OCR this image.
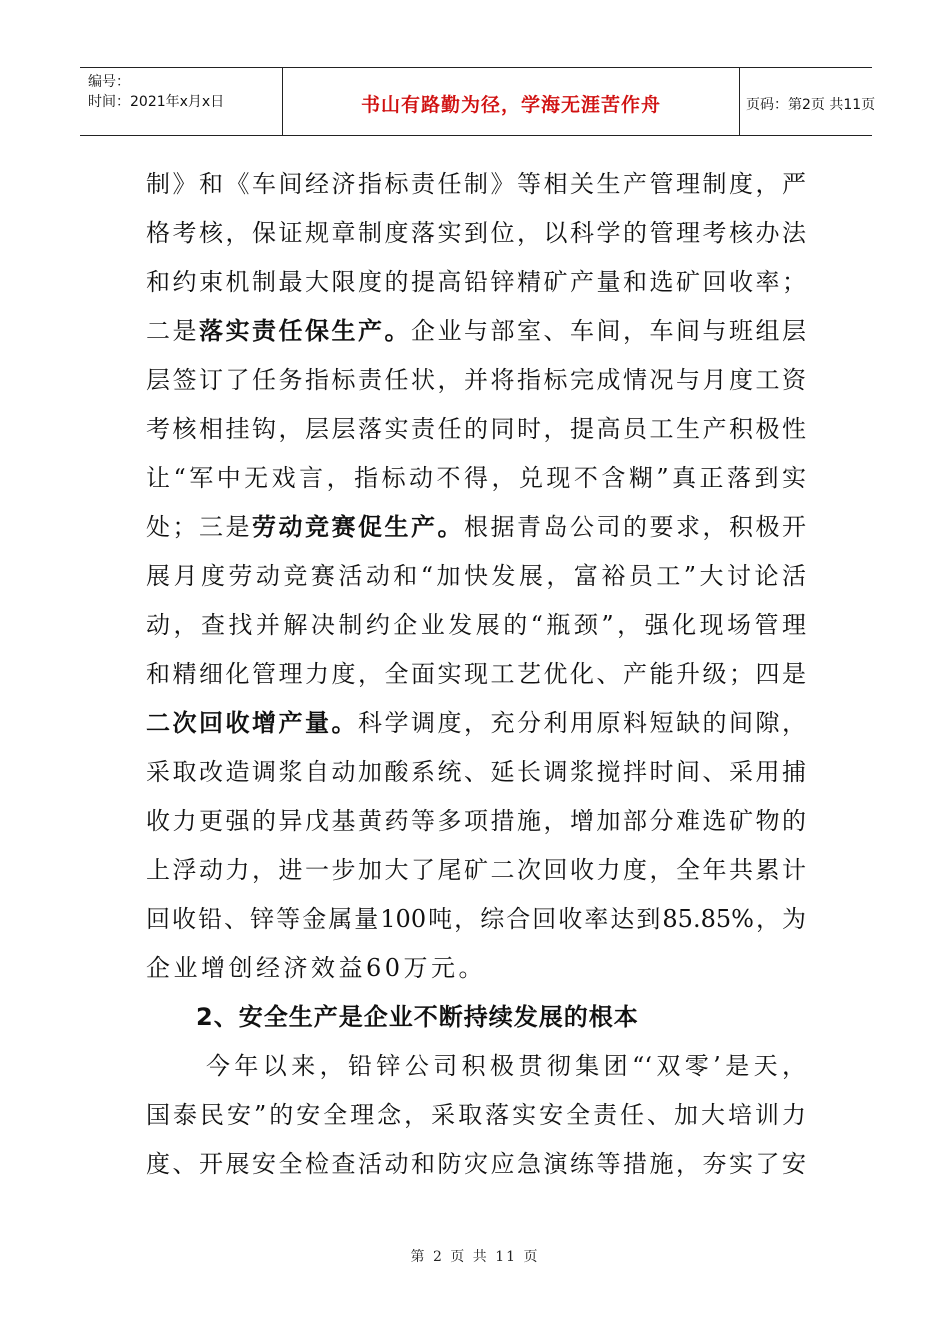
编号：
时间：2021年x月x日	书山有路勤为径，学海无涯苦作舟	页码：第2页 共11页
制》和《车间经济指标责任制》等相关生产管理制度，严
格考核，保证规章制度落实到位，以科学的管理考核办法
和约束机制最大限度的提高铅锌精矿产量和选矿回收率；
二是落实责任保生产。企业与部室、车间，车间与班组层
层签订了任务指标责任状，并将指标完成情况与月度工资
考核相挂钩，层层落实责任的同时，提高员工生产积极性
让“军中无戏言，指标动不得，兑现不含糊”真正落到实
处；三是劳动竞赛促生产。根据青岛公司的要求，积极开
展月度劳动竞赛活动和“加快发展，富裕员工”大讨论活
动，查找并解决制约企业发展的“瓶颈”，强化现场管理
和精细化管理力度，全面实现工艺优化、产能升级；四是
二次回收增产量。科学调度，充分利用原料短缺的间隙，
采取改造调浆自动加酸系统、延长调浆搅拌时间、采用捕
收力更强的异戊基黄药等多项措施，增加部分难选矿物的
上浮动力，进一步加大了尾矿二次回收力度，全年共累计
回收铅、锌等金属量100吨，综合回收率达到85.85%，为
企业增创经济效益60万元。
2、安全生产是企业不断持续发展的根本
今年以来，铅锌公司积极贯彻集团“‘双零’是天，
国泰民安”的安全理念，采取落实安全责任、加大培训力
度、开展安全检查活动和防灾应急演练等措施，夯实了安
第 2 页 共 11 页
